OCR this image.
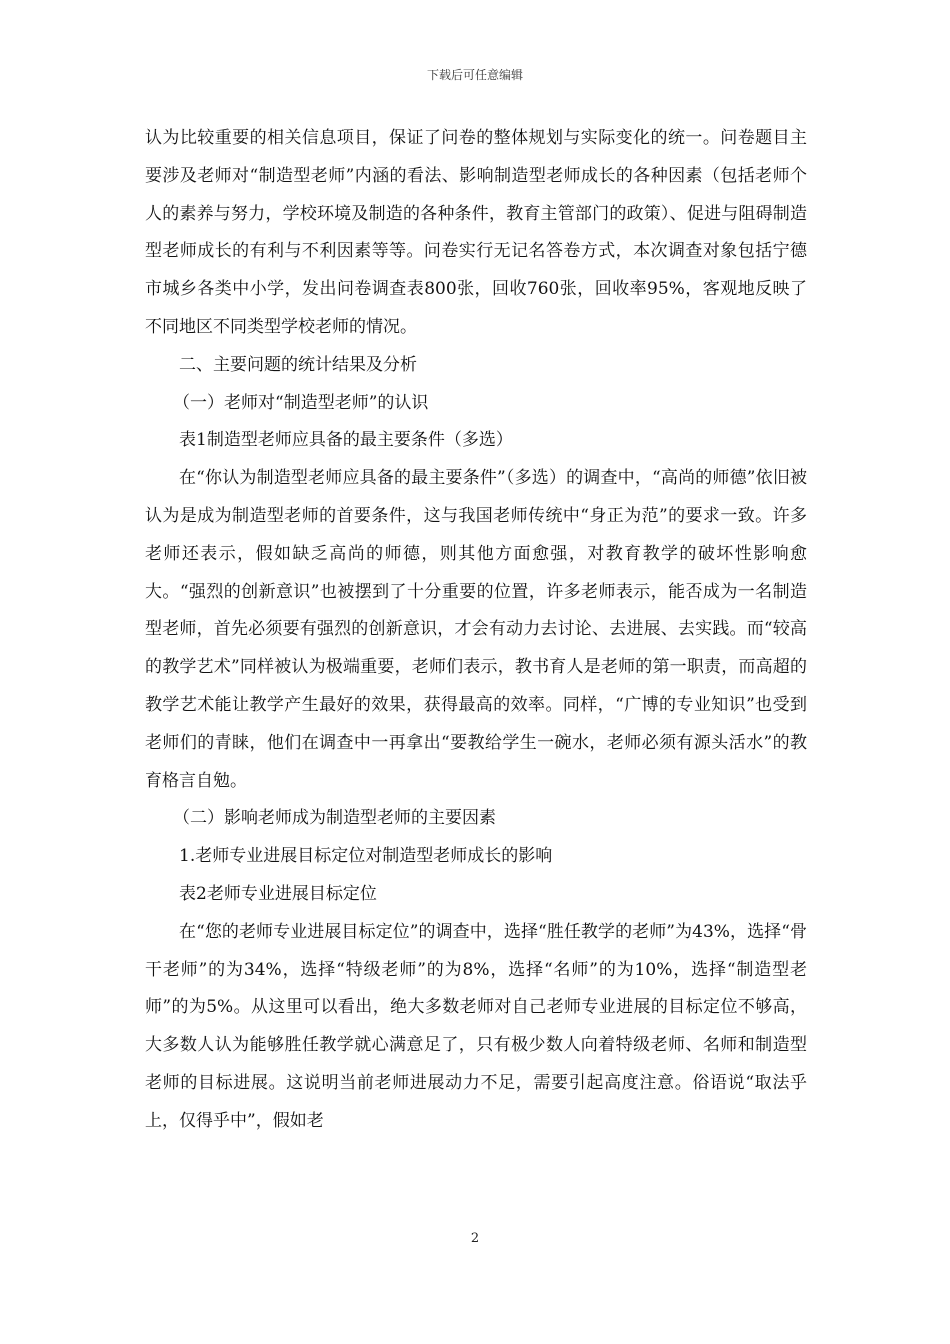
下载后可任意编辑

认为比较重要的相关信息项目，保证了问卷的整体规划与实际变化的统一。问卷题目主要涉及老师对“制造型老师”内涵的看法、影响制造型老师成长的各种因素（包括老师个人的素养与努力，学校环境及制造的各种条件，教育主管部门的政策）、促进与阻碍制造型老师成长的有利与不利因素等等。问卷实行无记名答卷方式，本次调查对象包括宁德市城乡各类中小学，发出问卷调查表800张，回收760张，回收率95%，客观地反映了不同地区不同类型学校老师的情况。

二、主要问题的统计结果及分析

（一）老师对“制造型老师”的认识

表1制造型老师应具备的最主要条件（多选）

在“你认为制造型老师应具备的最主要条件”（多选）的调查中，“高尚的师德”依旧被认为是成为制造型老师的首要条件，这与我国老师传统中“身正为范”的要求一致。许多老师还表示，假如缺乏高尚的师德，则其他方面愈强，对教育教学的破坏性影响愈大。“强烈的创新意识”也被摆到了十分重要的位置，许多老师表示，能否成为一名制造型老师，首先必须要有强烈的创新意识，才会有动力去讨论、去进展、去实践。而“较高的教学艺术”同样被认为极端重要，老师们表示，教书育人是老师的第一职责，而高超的教学艺术能让教学产生最好的效果，获得最高的效率。同样，“广博的专业知识”也受到老师们的青睐，他们在调查中一再拿出“要教给学生一碗水，老师必须有源头活水”的教育格言自勉。

（二）影响老师成为制造型老师的主要因素

1.老师专业进展目标定位对制造型老师成长的影响

表2老师专业进展目标定位

在“您的老师专业进展目标定位”的调查中，选择“胜任教学的老师”为43%，选择“骨干老师”的为34%，选择“特级老师”的为8%，选择“名师”的为10%，选择“制造型老师”的为5%。从这里可以看出，绝大多数老师对自己老师专业进展的目标定位不够高，大多数人认为能够胜任教学就心满意足了，只有极少数人向着特级老师、名师和制造型老师的目标进展。这说明当前老师进展动力不足，需要引起高度注意。俗语说“取法乎上，仅得乎中”，假如老

2
